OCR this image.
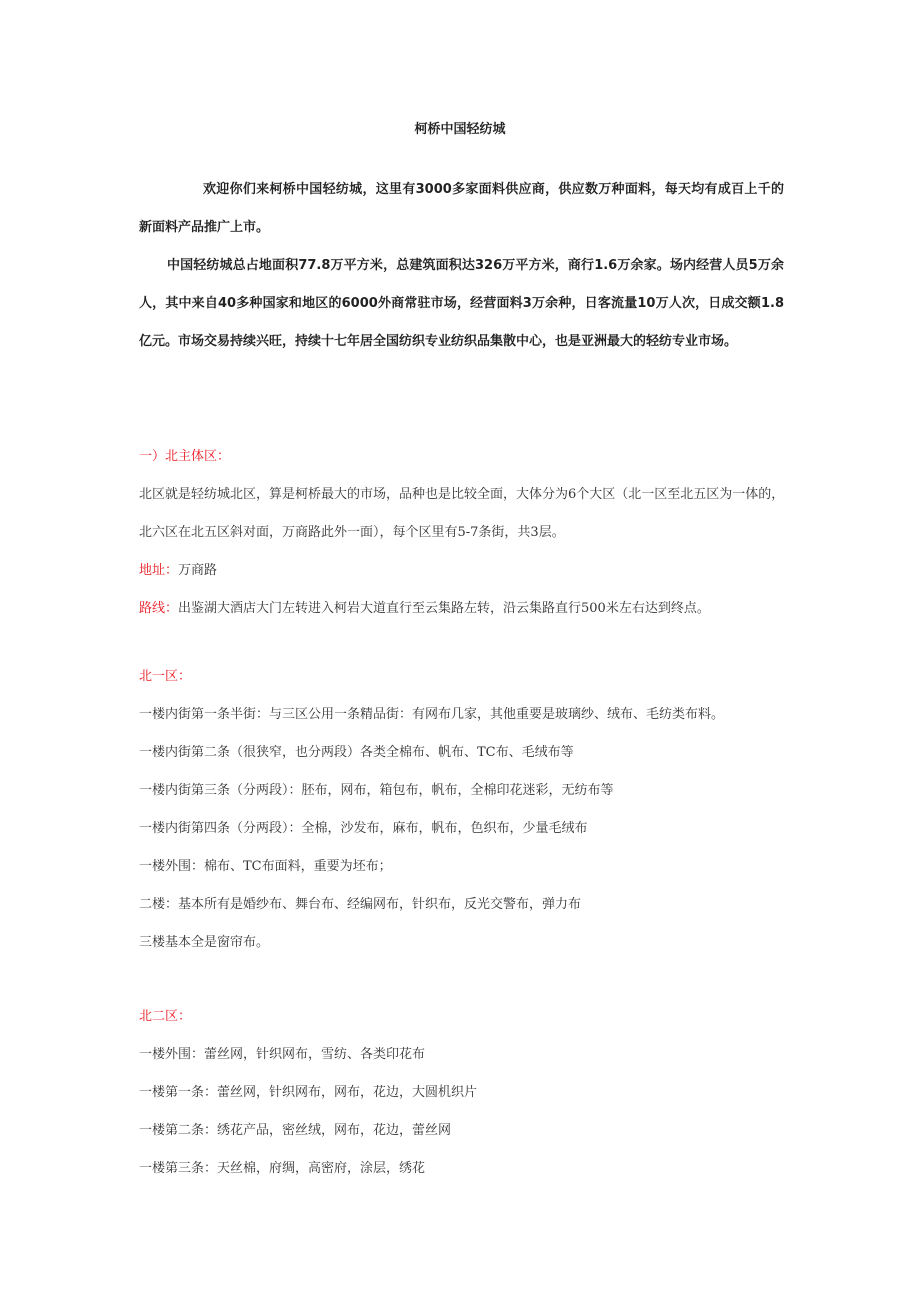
柯桥中国轻纺城

欢迎你们来柯桥中国轻纺城，这里有3000多家面料供应商，供应数万种面料，每天均有成百上千的新面料产品推广上市。

中国轻纺城总占地面积77.8万平方米，总建筑面积达326万平方米，商行1.6万余家。场内经营人员5万余人，其中来自40多种国家和地区的6000外商常驻市场，经营面料3万余种，日客流量10万人次，日成交额1.8亿元。市场交易持续兴旺，持续十七年居全国纺织专业纺织品集散中心，也是亚洲最大的轻纺专业市场。

一）北主体区：

北区就是轻纺城北区，算是柯桥最大的市场，品种也是比较全面，大体分为6个大区（北一区至北五区为一体的，北六区在北五区斜对面，万商路此外一面），每个区里有5-7条街，共3层。

地址：万商路

路线：出鉴湖大酒店大门左转进入柯岩大道直行至云集路左转，沿云集路直行500米左右达到终点。

北一区：

一楼内街第一条半街：与三区公用一条精品街：有网布几家，其他重要是玻璃纱、绒布、毛纺类布料。

一楼内街第二条（很狭窄，也分两段）各类全棉布、帆布、TC布、毛绒布等

一楼内街第三条（分两段）：胚布，网布，箱包布，帆布，全棉印花迷彩，无纺布等

一楼内街第四条（分两段）：全棉，沙发布，麻布，帆布，色织布，少量毛绒布

一楼外围：棉布、TC布面料，重要为坯布；

二楼：基本所有是婚纱布、舞台布、经编网布，针织布，反光交警布，弹力布

三楼基本全是窗帘布。

北二区：

一楼外围：蕾丝网，针织网布，雪纺、各类印花布

一楼第一条：蕾丝网，针织网布，网布，花边，大圆机织片

一楼第二条：绣花产品，密丝绒，网布，花边，蕾丝网

一楼第三条：天丝棉，府绸，高密府，涂层，绣花
